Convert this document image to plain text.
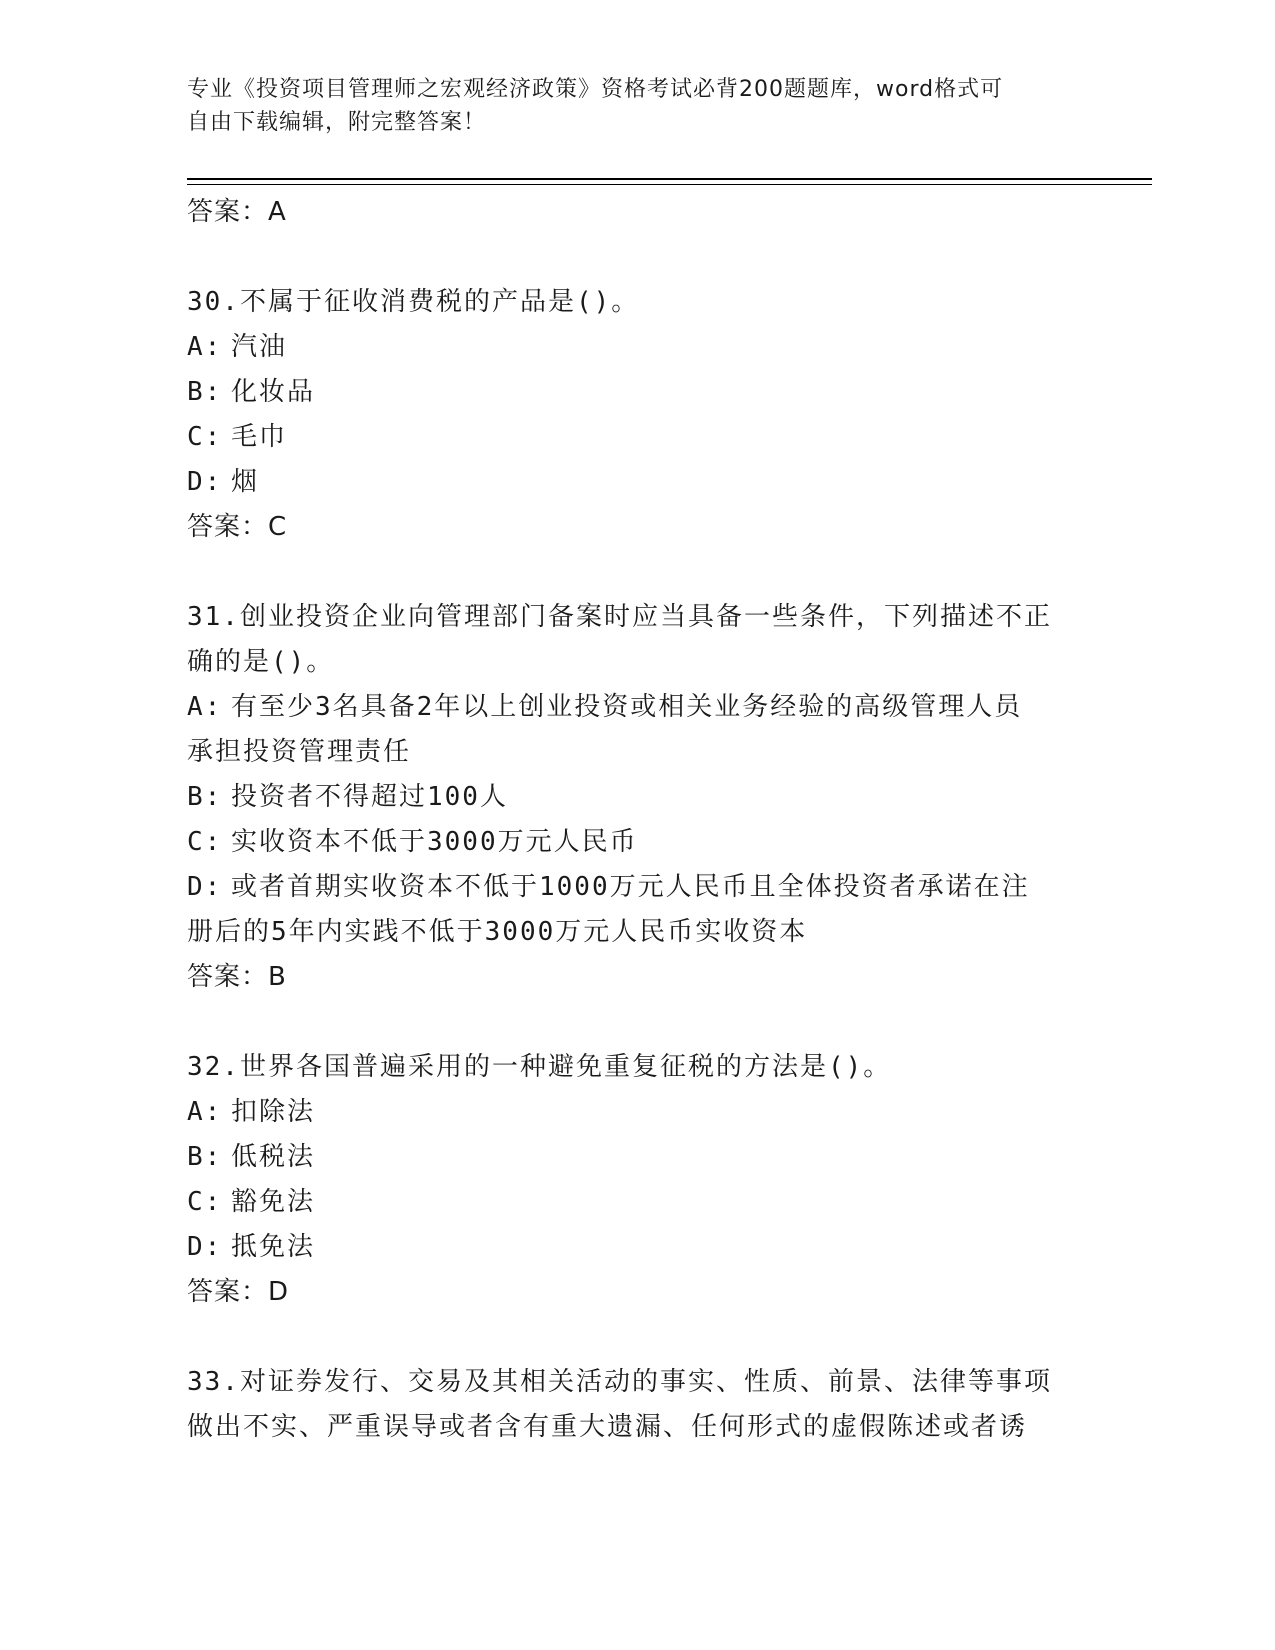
专业《投资项目管理师之宏观经济政策》资格考试必背200题题库，word格式可
自由下载编辑，附完整答案！
答案：A
30.不属于征收消费税的产品是()。
A: 汽油
B: 化妆品
C: 毛巾
D: 烟
答案：C
31.创业投资企业向管理部门备案时应当具备一些条件，下列描述不正
确的是()。
A: 有至少3名具备2年以上创业投资或相关业务经验的高级管理人员
承担投资管理责任
B: 投资者不得超过100人
C: 实收资本不低于3000万元人民币
D: 或者首期实收资本不低于1000万元人民币且全体投资者承诺在注
册后的5年内实践不低于3000万元人民币实收资本
答案：B
32.世界各国普遍采用的一种避免重复征税的方法是()。
A: 扣除法
B: 低税法
C: 豁免法
D: 抵免法
答案：D
33.对证券发行、交易及其相关活动的事实、性质、前景、法律等事项
做出不实、严重误导或者含有重大遗漏、任何形式的虚假陈述或者诱
